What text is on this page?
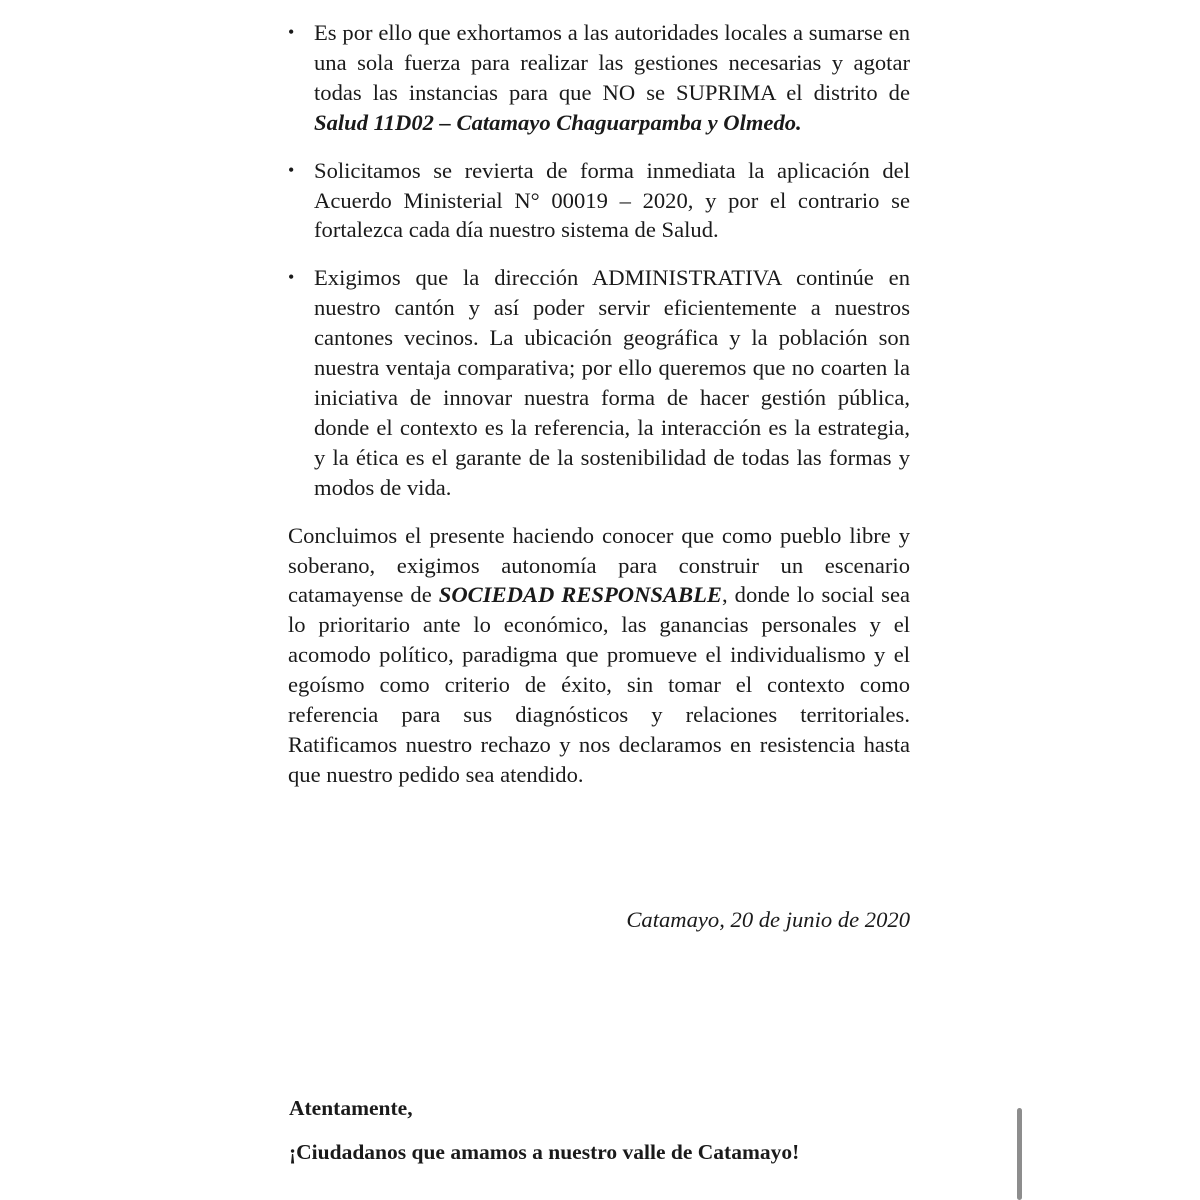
• Es por ello que exhortamos a las autoridades locales a sumarse en una sola fuerza para realizar las gestiones necesarias y agotar todas las instancias para que NO se SUPRIMA el distrito de Salud 11D02 – Catamayo Chaguarpamba y Olmedo.
• Solicitamos se revierta de forma inmediata la aplicación del Acuerdo Ministerial N° 00019 – 2020, y por el contrario se fortalezca cada día nuestro sistema de Salud.
• Exigimos que la dirección ADMINISTRATIVA continúe en nuestro cantón y así poder servir eficientemente a nuestros cantones vecinos. La ubicación geográfica y la población son nuestra ventaja comparativa; por ello queremos que no coarten la iniciativa de innovar nuestra forma de hacer gestión pública, donde el contexto es la referencia, la interacción es la estrategia, y la ética es el garante de la sostenibilidad de todas las formas y modos de vida.

Concluimos el presente haciendo conocer que como pueblo libre y soberano, exigimos autonomía para construir un escenario catamayense de SOCIEDAD RESPONSABLE, donde lo social sea lo prioritario ante lo económico, las ganancias personales y el acomodo político, paradigma que promueve el individualismo y el egoísmo como criterio de éxito, sin tomar el contexto como referencia para sus diagnósticos y relaciones territoriales. Ratificamos nuestro rechazo y nos declaramos en resistencia hasta que nuestro pedido sea atendido.

Catamayo, 20 de junio de 2020
Atentamente,
¡Ciudadanos que amamos a nuestro valle de Catamayo!
